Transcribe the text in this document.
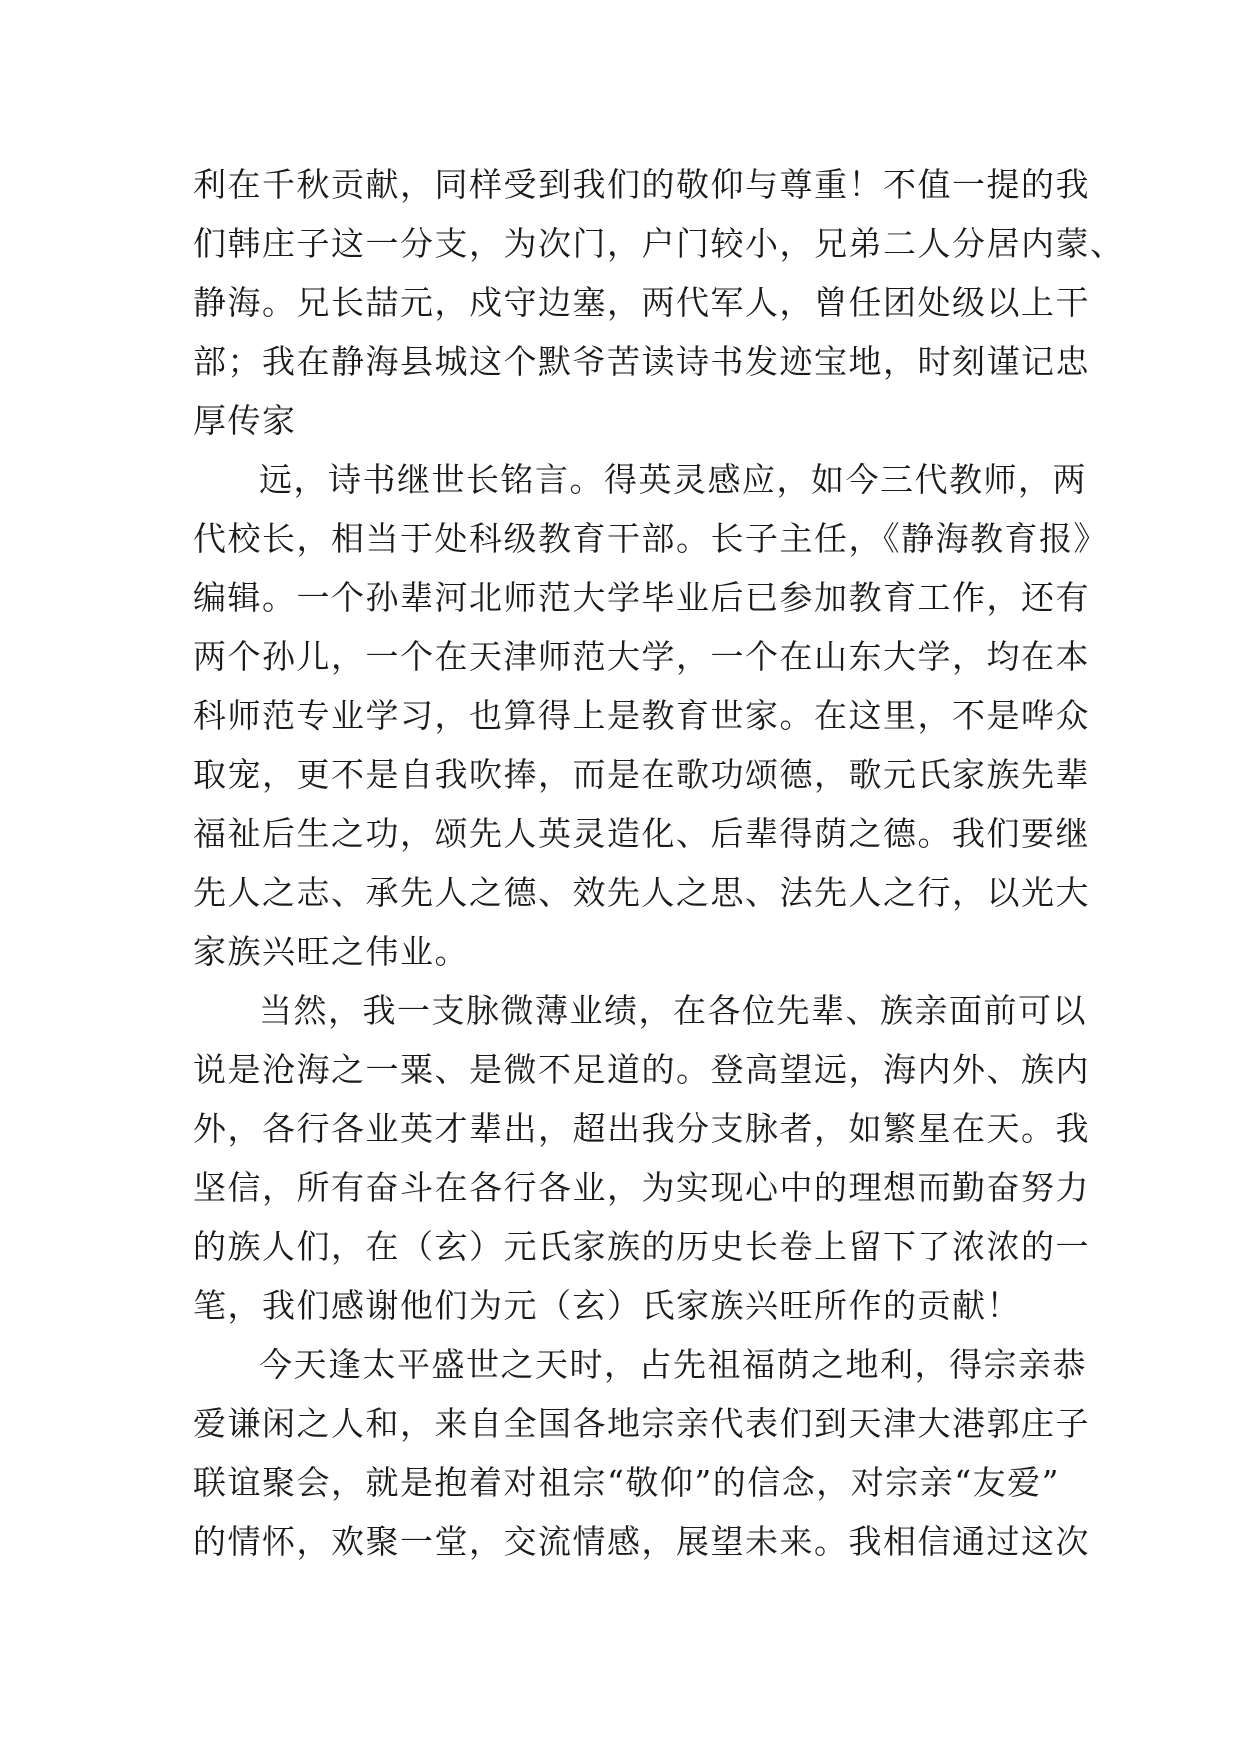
利在千秋贡献，同样受到我们的敬仰与尊重！不值一提的我
们韩庄子这一分支，为次门，户门较小，兄弟二人分居内蒙、
静海。兄长喆元，戍守边塞，两代军人，曾任团处级以上干
部；我在静海县城这个默爷苦读诗书发迹宝地，时刻谨记忠
厚传家
远，诗书继世长铭言。得英灵感应，如今三代教师，两
代校长，相当于处科级教育干部。长子主任，《静海教育报》
编辑。一个孙辈河北师范大学毕业后已参加教育工作，还有
两个孙儿，一个在天津师范大学，一个在山东大学，均在本
科师范专业学习，也算得上是教育世家。在这里，不是哗众
取宠，更不是自我吹捧，而是在歌功颂德，歌元氏家族先辈
福祉后生之功，颂先人英灵造化、后辈得荫之德。我们要继
先人之志、承先人之德、效先人之思、法先人之行，以光大
家族兴旺之伟业。
当然，我一支脉微薄业绩，在各位先辈、族亲面前可以
说是沧海之一粟、是微不足道的。登高望远，海内外、族内
外，各行各业英才辈出，超出我分支脉者，如繁星在天。我
坚信，所有奋斗在各行各业，为实现心中的理想而勤奋努力
的族人们，在（玄）元氏家族的历史长卷上留下了浓浓的一
笔，我们感谢他们为元（玄）氏家族兴旺所作的贡献！
今天逢太平盛世之天时，占先祖福荫之地利，得宗亲恭
爱谦闲之人和，来自全国各地宗亲代表们到天津大港郭庄子
联谊聚会，就是抱着对祖宗“敬仰”的信念，对宗亲“友爱”
的情怀，欢聚一堂，交流情感，展望未来。我相信通过这次
